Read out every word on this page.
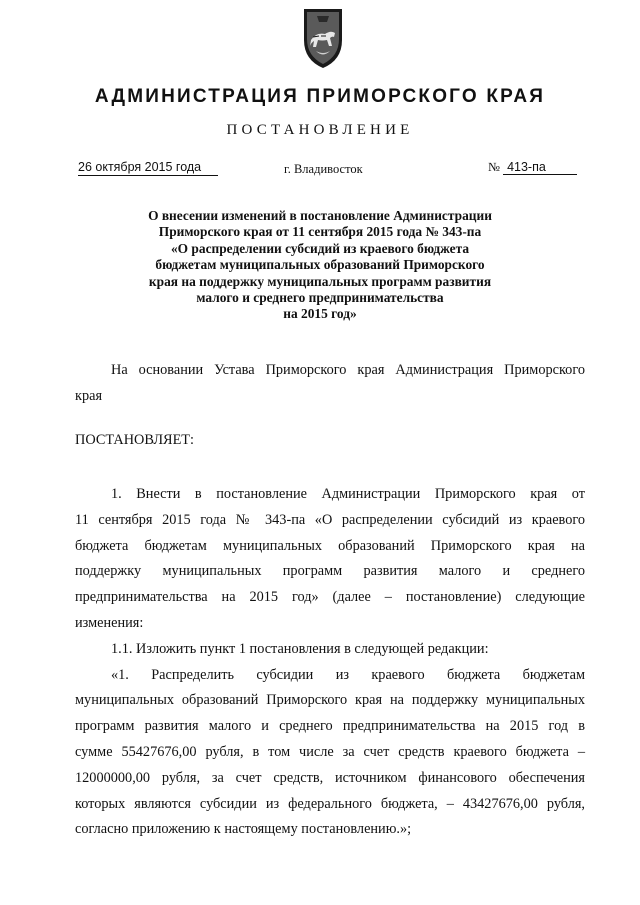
АДМИНИСТРАЦИЯ ПРИМОРСКОГО КРАЯ
ПОСТАНОВЛЕНИЕ
26 октября 2015 года	г. Владивосток	№ 413-па
О внесении изменений в постановление Администрации
Приморского края от 11 сентября 2015 года № 343-па
«О распределении субсидий из краевого бюджета
бюджетам муниципальных образований Приморского
края на поддержку муниципальных программ развития
малого и среднего предпринимательства
на 2015 год»
На основании Устава Приморского края Администрация Приморского
края
ПОСТАНОВЛЯЕТ:
1. Внести в постановление Администрации Приморского края от
11 сентября 2015 года № 343-па «О распределении субсидий из краевого
бюджета бюджетам муниципальных образований Приморского края на
поддержку муниципальных программ развития малого и среднего
предпринимательства на 2015 год» (далее – постановление) следующие
изменения:
1.1. Изложить пункт 1 постановления в следующей редакции:
«1. Распределить субсидии из краевого бюджета бюджетам
муниципальных образований Приморского края на поддержку муниципальных
программ развития малого и среднего предпринимательства на 2015 год в
сумме 55427676,00 рубля, в том числе за счет средств краевого бюджета –
12000000,00 рубля, за счет средств, источником финансового обеспечения
которых являются субсидии из федерального бюджета, – 43427676,00 рубля,
согласно приложению к настоящему постановлению.»;
